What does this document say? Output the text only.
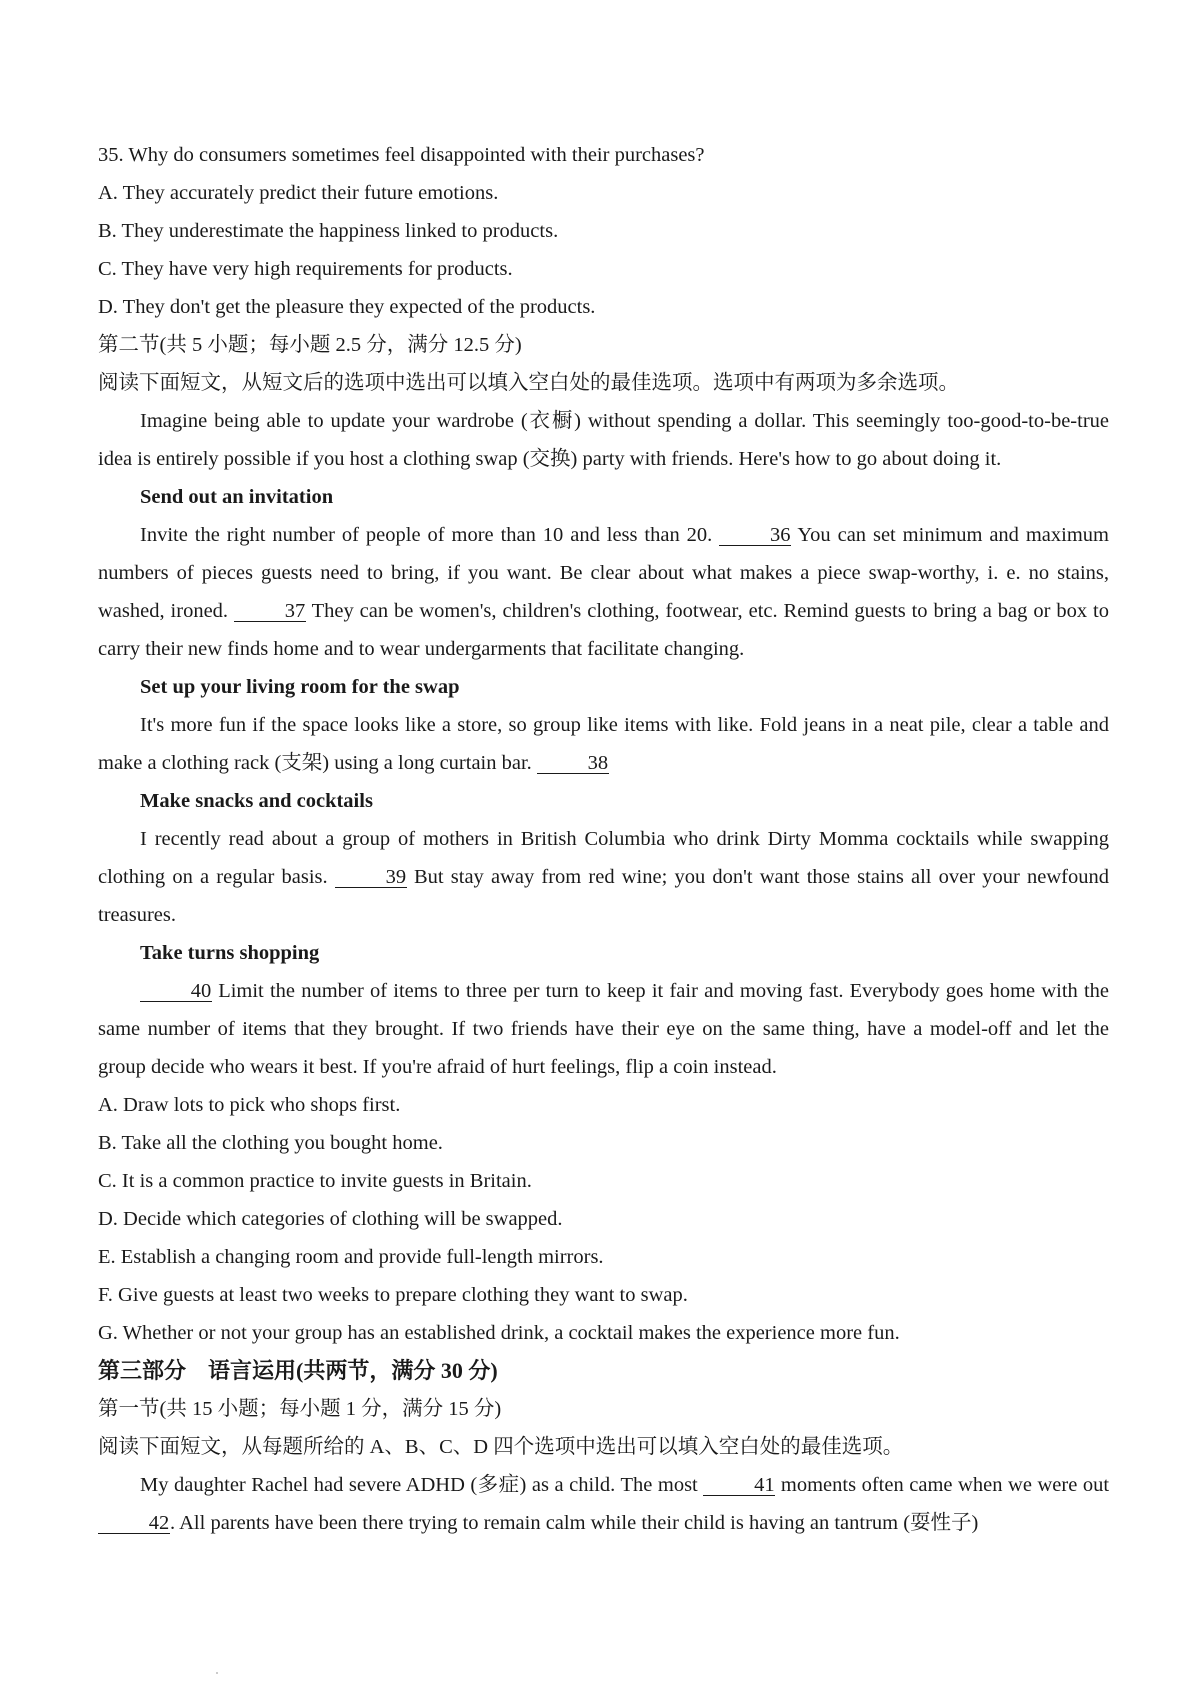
35. Why do consumers sometimes feel disappointed with their purchases?

A. They accurately predict their future emotions.

B. They underestimate the happiness linked to products.

C. They have very high requirements for products.

D. They don't get the pleasure they expected of the products.

第二节(共 5 小题；每小题 2.5 分，满分 12.5 分)

阅读下面短文，从短文后的选项中选出可以填入空白处的最佳选项。选项中有两项为多余选项。

Imagine being able to update your wardrobe (衣橱) without spending a dollar. This seemingly too-good-to-be-true idea is entirely possible if you host a clothing swap (交换) party with friends. Here's how to go about doing it.

Send out an invitation

Invite the right number of people of more than 10 and less than 20.	36 You can set minimum and maximum numbers of pieces guests need to bring, if you want. Be clear about what makes a piece swap-worthy, i. e. no stains, washed, ironed.	37 They can be women's, children's clothing, footwear, etc. Remind guests to bring a bag or box to carry their new finds home and to wear undergarments that facilitate changing.

Set up your living room for the swap

It's more fun if the space looks like a store, so group like items with like. Fold jeans in a neat pile, clear a table and make a clothing rack (支架) using a long curtain bar.	38

Make snacks and cocktails

I recently read about a group of mothers in British Columbia who drink Dirty Momma cocktails while swapping clothing on a regular basis.	39 But stay away from red wine; you don't want those stains all over your newfound treasures.

Take turns shopping

40 Limit the number of items to three per turn to keep it fair and moving fast. Everybody goes home with the same number of items that they brought. If two friends have their eye on the same thing, have a model-off and let the group decide who wears it best. If you're afraid of hurt feelings, flip a coin instead.

A. Draw lots to pick who shops first.

B. Take all the clothing you bought home.

C. It is a common practice to invite guests in Britain.

D. Decide which categories of clothing will be swapped.

E. Establish a changing room and provide full-length mirrors.

F. Give guests at least two weeks to prepare clothing they want to swap.

G. Whether or not your group has an established drink, a cocktail makes the experience more fun.

第三部分　语言运用(共两节，满分 30 分)

第一节(共 15 小题；每小题 1 分，满分 15 分)

阅读下面短文，从每题所给的 A、B、C、D 四个选项中选出可以填入空白处的最佳选项。

My daughter Rachel had severe ADHD (多症) as a child. The most	41 moments often came when we were out 42. All parents have been there trying to remain calm while their child is having an tantrum (耍性子)
